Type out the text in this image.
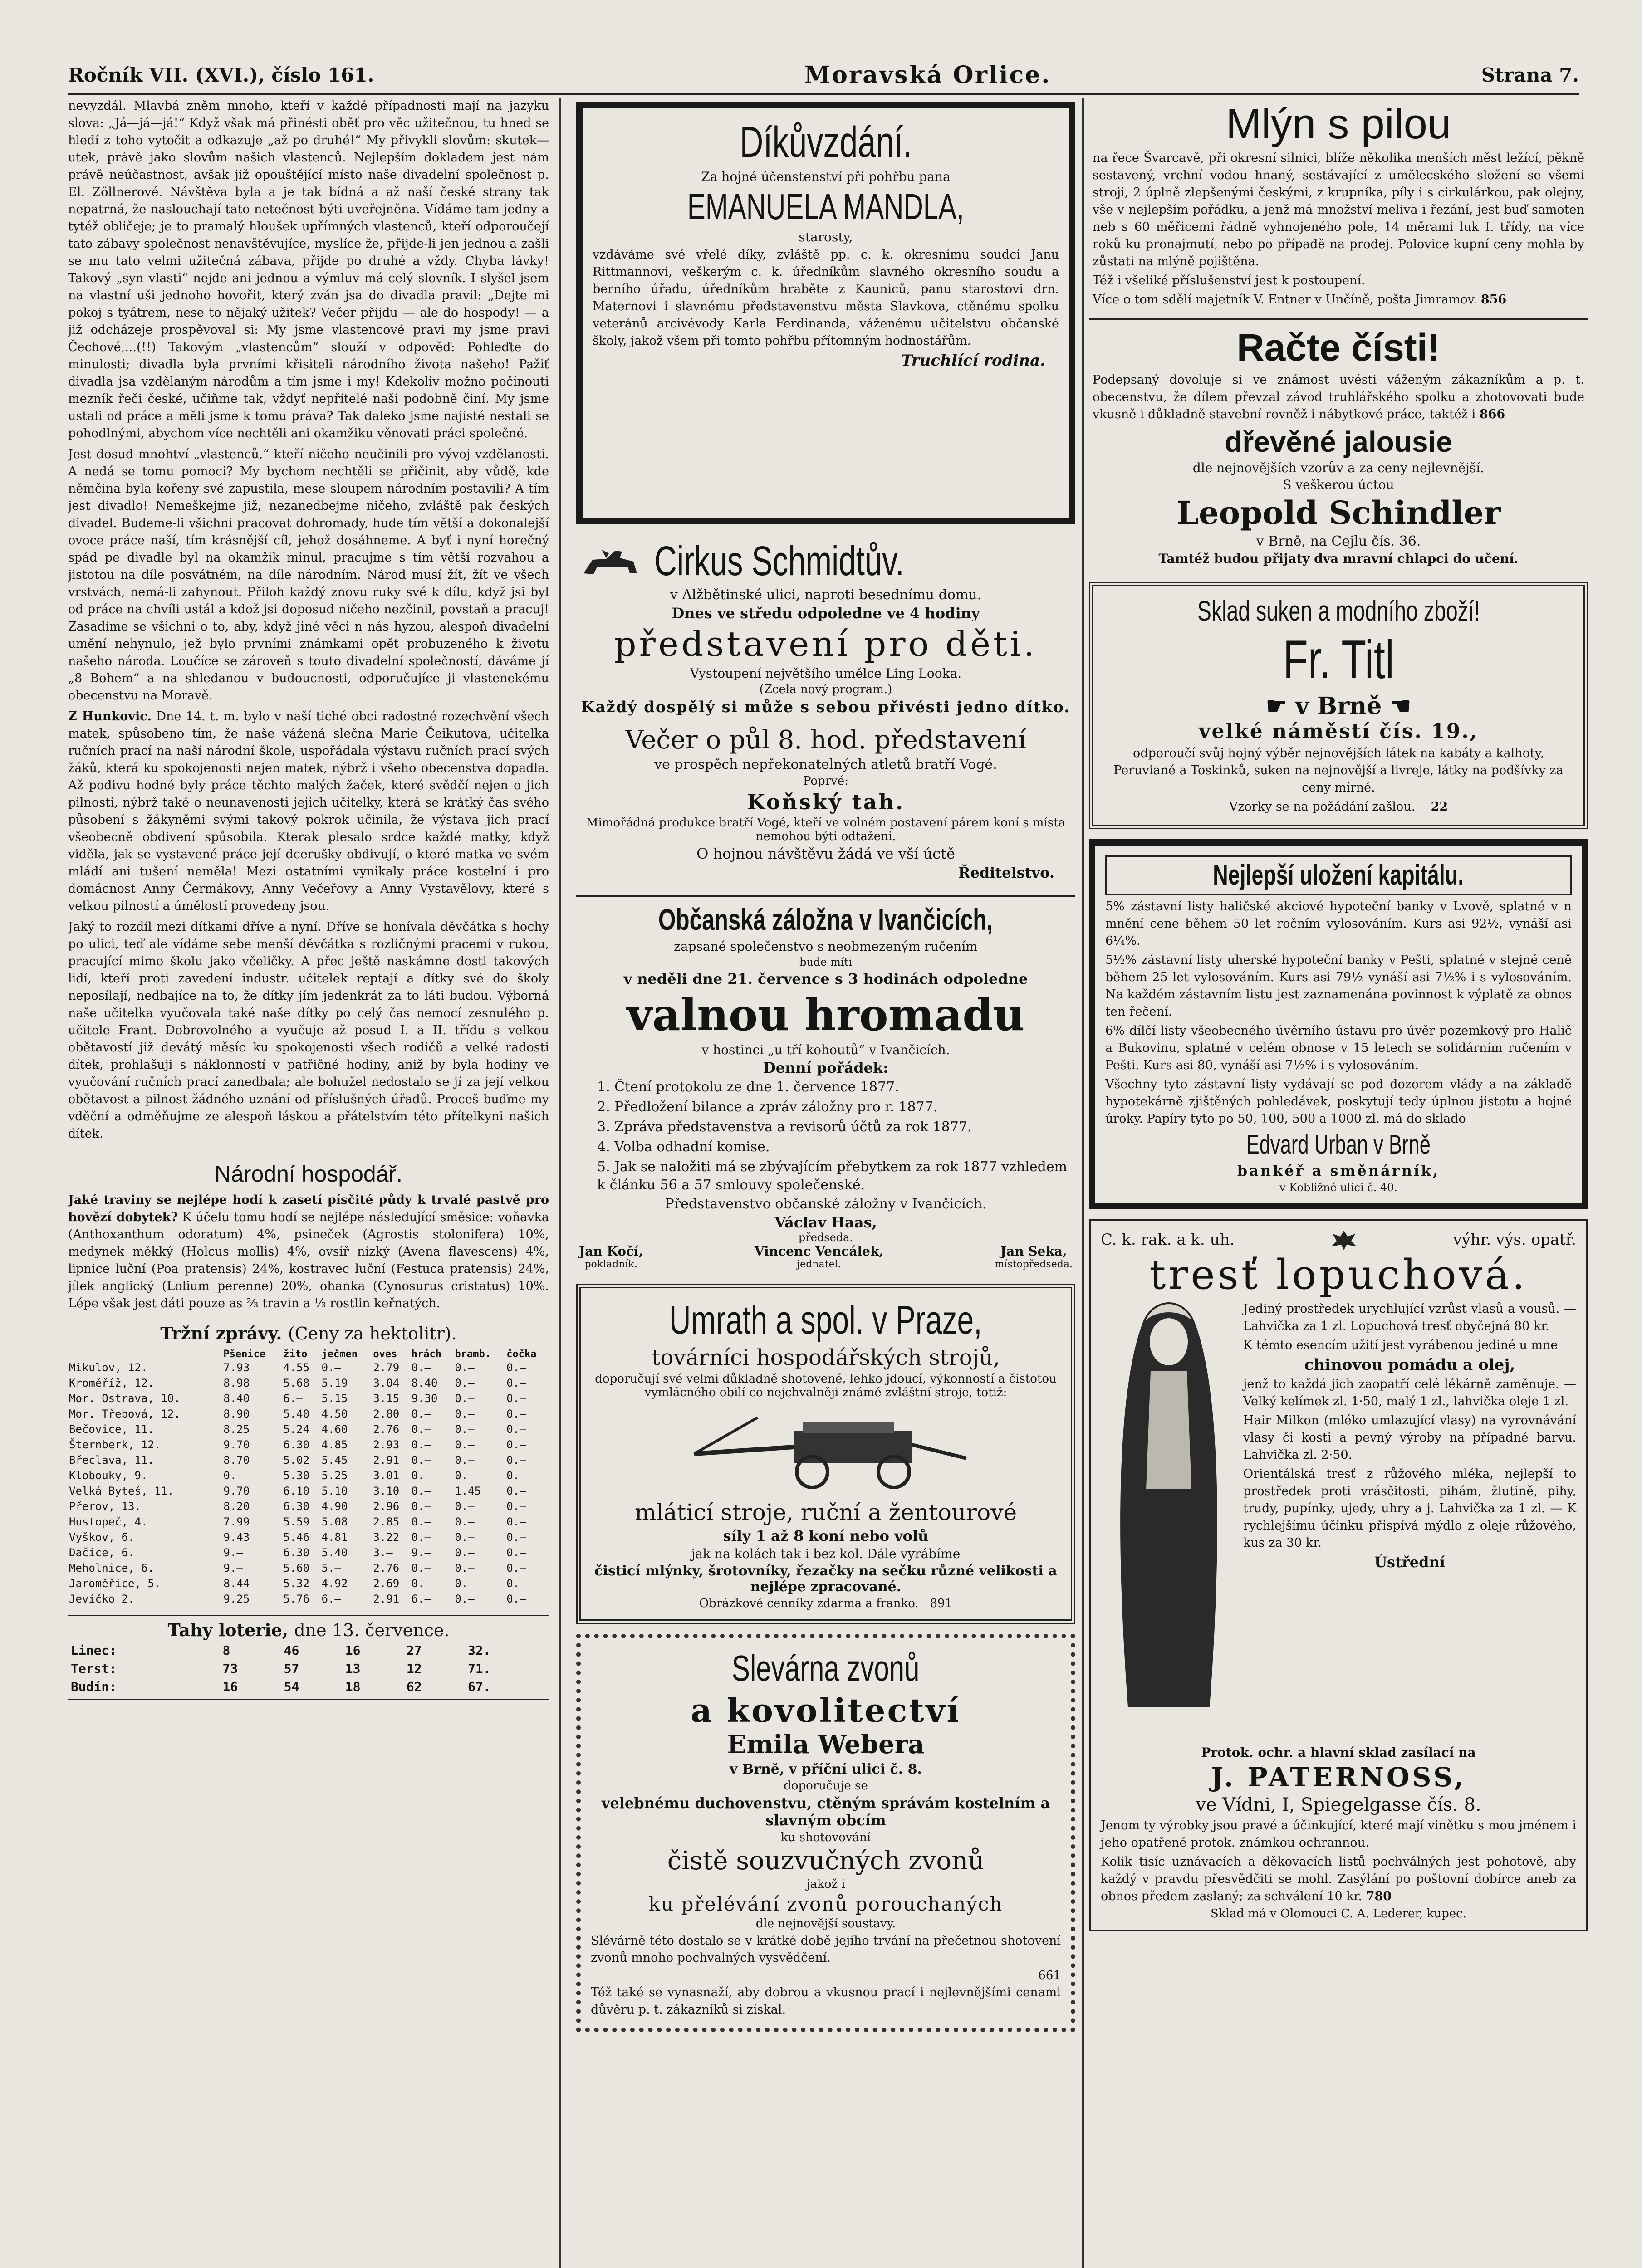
Ročník VII. (XVI.), číslo 161.	Moravská Orlice.	Strana 7.

nevyzdál. Mlavbá zněm mnoho, kteří v každé případnosti mají na jazyku slova: „Já—já—já!“ Když však má přinésti oběť pro věc užitečnou, tu hned se hledí z toho vytočit a odkazuje „až po druhé!“ My přivykli slovům: skutek—utek, právě jako slovům našich vlastenců. Nejlepším dokladem jest nám právě neúčastnost, avšak již opouštějící místo naše divadelní společnost p. El. Zöllnerové. Návštěva byla a je tak bídná a až naší české strany tak nepatrná, že naslouchají tato netečnost býti uveřejněna. Vídáme tam jedny a tytéž obličeje; je to pramalý hloušek upřímných vlastenců, kteří odporoučejí tato zábavy společnost nenavštěvujíce, myslíce že, přijde-li jen jednou a zašli se mu tato velmi užitečná zábava, přijde po druhé a vždy. Chyba lávky! Takový „syn vlasti“ nejde ani jednou a výmluv má celý slovník. I slyšel jsem na vlastní uši jednoho hovořit, který zván jsa do divadla pravil: „Dejte mi pokoj s tyátrem, nese to nějaký užitek? Večer přijdu — ale do hospody! — a již odcházeje prospěvoval si: My jsme vlastencové pravi my jsme pravi Čechové,...(!!) Takovým „vlastencům“ slouží v odpověď: Pohleďte do minulosti; divadla byla prvními křisiteli národního života našeho! Pažiť divadla jsa vzdělaným národům a tím jsme i my! Kdekoliv možno počínouti mezník řeči české, učiňme tak, vždyť nepřítelé naši podobně činí. My jsme ustali od práce a měli jsme k tomu práva? Tak daleko jsme najisté nestali se pohodlnými, abychom více nechtěli ani okamžiku věnovati práci společné.

Jest dosud mnohtví „vlastenců,“ kteří ničeho neučinili pro vývoj vzdělanosti. A nedá se tomu pomoci? My bychom nechtěli se přičinit, aby vůdě, kde němčina byla kořeny své zapustila, mese sloupem národním postavili? A tím jest divadlo! Nemeškejme již, nezanedbejme ničeho, zvláště pak českých divadel. Budeme-li všichni pracovat dohromady, hude tím větší a dokonalejší ovoce práce naší, tím krásnější cíl, jehož dosáhneme. A byť i nyní horečný spád pe divadle byl na okamžik minul, pracujme s tím větší rozvahou a jistotou na díle posvátném, na díle národním. Národ musí žít, žít ve všech vrstvách, nemá-li zahynout. Přiloh každý znovu ruky své k dílu, když jsi byl od práce na chvíli ustál a kdož jsi doposud ničeho nezčinil, povstaň a pracuj! Zasadíme se všichni o to, aby, když jiné věci n nás hyzou, alespoň divadelní umění nehynulo, jež bylo prvními známkami opět probuzeného k životu našeho národa. Loučíce se zároveň s touto divadelní společností, dáváme jí „8 Bohem“ a na shledanou v budoucnosti, odporučujíce ji vlastenekému obecenstvu na Moravě.

Z Hunkovic. Dne 14. t. m. bylo v naší tiché obci radostné rozechvění všech matek, spůsobeno tím, že naše vážená slečna Marie Čeikutova, učitelka ručních prací na naší národní škole, uspořádala výstavu ručních prací svých žáků, která ku spokojenosti nejen matek, nýbrž i všeho obecenstva dopadla. Až podivu hodné byly práce těchto malých žaček, které svědčí nejen o jich pilnosti, nýbrž také o neunavenosti jejich učitelky, která se krátký čas svého působení s žákyněmi svými takový pokrok učinila, že výstava jich prací všeobecně obdivení spůsobila. Kterak plesalo srdce každé matky, když viděla, jak se vystavené práce její dcerušky obdivují, o které matka ve svém mládí ani tušení neměla! Mezi ostatními vynikaly práce kostelní i pro domácnost Anny Čermákovy, Anny Večeřovy a Anny Vystavělovy, které s velkou pilností a úmělostí provedeny jsou.

Jaký to rozdíl mezi dítkami dříve a nyní. Dříve se honívala děvčátka s hochy po ulici, teď ale vídáme sebe menší děvčátka s rozličnými pracemi v rukou, pracující mimo školu jako včeličky. A přec ještě naskámne dosti takových lidí, kteří proti zavedení industr. učitelek reptají a dítky své do školy neposílají, nedbajíce na to, že dítky jím jedenkrát za to láti budou. Výborná naše učitelka vyučovala také naše dítky po celý čas nemocí zesnulého p. učitele Frant. Dobrovolného a vyučuje až posud I. a II. třídu s velkou obětavostí již devátý měsíc ku spokojenosti všech rodičů a velké radosti dítek, prohlašuji s náklonností v patřičné hodiny, aniž by byla hodiny ve vyučování ručních prací zanedbala; ale bohužel nedostalo se jí za její velkou obětavost a pilnost žádného uznání od příslušných úřadů. Proceš buďme my vděční a odměňujme ze alespoň láskou a přátelstvím této přítelkyni našich dítek.

Národní hospodář.

Jaké traviny se nejlépe hodí k zasetí písčité půdy k trvalé pastvě pro hovězí dobytek? K účelu tomu hodí se nejlépe následující směsice: voňavka (Anthoxanthum odoratum) 4%, psineček (Agrostis stolonifera) 10%, medynek měkký (Holcus mollis) 4%, ovsíř nízký (Avena flavescens) 4%, lipnice luční (Poa pratensis) 24%, kostravec luční (Festuca pratensis) 24%, jílek anglický (Lolium perenne) 20%, ohanka (Cynosurus cristatus) 10%. Lépe však jest dáti pouze as ⅔ travin a ⅓ rostlin keřnatých.

Tržní zprávy. (Ceny za hektolitr).
	Pšenice	žito	ječmen	oves	hrách	bramb.	čočka
Mikulov, 12.	7.93	4.55	0.—	2.79	0.—	0.—	0.—
Kroměříž, 12.	8.98	5.68	5.19	3.04	8.40	0.—	0.—
Mor. Ostrava, 10.	8.40	6.—	5.15	3.15	9.30	0.—	0.—
Mor. Třebová, 12.	8.90	5.40	4.50	2.80	0.—	0.—	0.—
Bečovice, 11.	8.25	5.24	4.60	2.76	0.—	0.—	0.—
Šternberk, 12.	9.70	6.30	4.85	2.93	0.—	0.—	0.—
Břeclava, 11.	8.70	5.02	5.45	2.91	0.—	0.—	0.—
Klobouky, 9.	0.—	5.30	5.25	3.01	0.—	0.—	0.—
Velká Byteš, 11.	9.70	6.10	5.10	3.10	0.—	1.45	0.—
Přerov, 13.	8.20	6.30	4.90	2.96	0.—	0.—	0.—
Hustopeč, 4.	7.99	5.59	5.08	2.85	0.—	0.—	0.—
Vyškov, 6.	9.43	5.46	4.81	3.22	0.—	0.—	0.—
Dačice, 6.	9.—	6.30	5.40	3.—	9.—	0.—	0.—
Meholnice, 6.	9.—	5.60	5.—	2.76	0.—	0.—	0.—
Jaroměřice, 5.	8.44	5.32	4.92	2.69	0.—	0.—	0.—
Jevíčko 2.	9.25	5.76	6.—	2.91	6.—	0.—	0.—
Tahy loterie, dne 13. července.
Linec:	8	46	16	27	32.
Terst:	73	57	13	12	71.
Budín:	16	54	18	62	67.
Díkůvzdání.

Za hojné účenstenství při pohřbu pana

EMANUELA MANDLA,

starosty,

vzdáváme své vřelé díky, zvláště pp. c. k. okresnímu soudci Janu Rittmannovi, veškerým c. k. úředníkům slavného okresního soudu a berního úřadu, úředníkům hraběte z Kauniců, panu starostovi drn. Maternovi i slavnému představenstvu města Slavkova, ctěnému spolku veteránů arcivévody Karla Ferdinanda, váženému učitelstvu občanské školy, jakož všem při tomto pohřbu přítomným hodnostářům.

Truchlící rodina.

Cirkus Schmidtův.

v Alžbětinské ulici, naproti besednímu domu.

Dnes ve středu odpoledne ve 4 hodiny

představení pro děti.

Vystoupení největšího umělce Ling Looka.

(Zcela nový program.)

Každý dospělý si může s sebou přivésti jedno dítko.

Večer o půl 8. hod. představení

ve prospěch nepřekonatelných atletů bratří Vogé.

Poprvé:

Koňský tah.

Mimořádná produkce bratří Vogé, kteří ve volném postavení párem koní s místa nemohou býti odtaženi.

O hojnou návštěvu žádá ve vší úctě

Ředitelstvo.

Občanská záložna v Ivančicích,

zapsané společenstvo s neobmezeným ručením

bude míti

v neděli dne 21. července s 3 hodinách odpoledne

valnou hromadu

v hostinci „u tří kohoutů“ v Ivančicích.

Denní pořádek:

1. Čtení protokolu ze dne 1. července 1877.

2. Předložení bilance a zpráv záložny pro r. 1877.

3. Zpráva představenstva a revisorů účtů za rok 1877.

4. Volba odhadní komise.

5. Jak se naložiti má se zbývajícím přebytkem za rok 1877 vzhledem k článku 56 a 57 smlouvy společenské.

Představenstvo občanské záložny v Ivančicích.

Václav Haas,

předseda.

Jan Kočí,
pokladník.
Vincenc Vencálek,
jednatel.
Jan Seka,
místopředseda.
Umrath a spol. v Praze,

továrníci hospodářských strojů,

doporučují své velmi důkladně shotovené, lehko jdoucí, výkonností a čistotou vymlácného obilí co nejchvalněji známé zvláštní stroje, totiž:

mláticí stroje, ruční a žentourové

síly 1 až 8 koní nebo volů

jak na kolách tak i bez kol. Dále vyrábíme

čisticí mlýnky, šrotovníky, řezačky na sečku různé velikosti a nejlépe zpracované.

Obrázkové cenníky zdarma a franko. 891

Slevárna zvonů
a kovolitectví
Emila Webera

v Brně, v příční ulici č. 8.

doporučuje se

velebnému duchovenstvu, ctěným správám kostelním a slavným obcím

ku shotovování

čistě souzvučných zvonů

jakož i

ku přelévání zvonů porouchaných

dle nejnovější soustavy.

Slévárně této dostalo se v krátké době jejího trvání na přečetnou shotovení zvonů mnoho pochvalných vysvědčení.

661

Též také se vynasnaží, aby dobrou a vkusnou prací i nejlevnějšími cenami důvěru p. t. zákazníků si získal.

Mlýn s pilou

na řece Švarcavě, při okresní silnici, blíže několika menších měst ležící, pěkně sestavený, vrchní vodou hnaný, sestávající z umělecského složení se všemi stroji, 2 úplně zlepšenými českými, z krupníka, píly i s cirkulárkou, pak olejny, vše v nejlepším pořádku, a jenž má množství meliva i řezání, jest buď samoten neb s 60 měřicemi řádně vyhnojeného pole, 14 měrami luk I. třídy, na více roků ku pronajmutí, nebo po případě na prodej. Polovice kupní ceny mohla by zůstati na mlýně pojištěna.

Též i všeliké příslušenství jest k postoupení.

Více o tom sdělí majetník V. Entner v Unčíně, pošta Jimramov. 856

Račte čísti!

Podepsaný dovoluje si ve známost uvésti váženým zákazníkům a p. t. obecenstvu, že dílem převzal závod truhlářského spolku a zhotovovati bude vkusně i důkladně stavební rovněž i nábytkové práce, taktéž i 866

dřevěné jalousie

dle nejnovějších vzorův a za ceny nejlevnější.

S veškerou úctou

Leopold Schindler

v Brně, na Cejlu čís. 36.

Tamtéž budou přijaty dva mravní chlapci do učení.

Sklad suken a modního zboží!
Fr. Titl
☛ v Brně ☚
velké náměstí čís. 19.,

odporoučí svůj hojný výběr nejnovějších látek na kabáty a kalhoty, Peruviané a Toskinků, suken na nejnovější a livreje, látky na podšívky za ceny mírné.

Vzorky se na požádání zašlou. 22

Nejlepší uložení kapitálu.

5% zástavní listy haličské akciové hypoteční banky v Lvově, splatné v n mnění cene během 50 let ročním vylosováním. Kurs asi 92½, vynáší asi 6¼%.

5½% zástavní listy uherské hypoteční banky v Pešti, splatné v stejné ceně během 25 let vylosováním. Kurs asi 79½ vynáší asi 7½% i s vylosováním. Na každém zástavním listu jest zaznamenána povinnost k výplatě za obnos ten řečení.

6% dílčí listy všeobecného úvěrního ústavu pro úvěr pozemkový pro Halič a Bukovinu, splatné v celém obnose v 15 letech se solidárním ručením v Pešti. Kurs asi 80, vynáší asi 7½% i s vylosováním.

Všechny tyto zástavní listy vydávají se pod dozorem vlády a na základě hypotekárně zjištěných pohledávek, poskytují tedy úplnou jistotu a hojné úroky. Papíry tyto po 50, 100, 500 a 1000 zl. má do sklado

Edvard Urban v Brně

bankéř a směnárník,

v Kobližné ulici č. 40.

C. k. rak. a k. uh.	výhr. výs. opatř.
tresť lopuchová.

Jediný prostředek urychlující vzrůst vlasů a vousů. — Lahvička za 1 zl. Lopuchová tresť obyčejná 80 kr.

K témto esencím užití jest vyrábenou jediné u mne

chinovou pomádu a olej,

jenž to každá jich zaopatří celé lékárně zaměnuje. — Velký kelímek zl. 1·50, malý 1 zl., lahvička oleje 1 zl.

Hair Milkon (mléko umlazující vlasy) na vyrovnávání vlasy či kosti a pevný výroby na případné barvu. Lahvička zl. 2·50.

Orientálská tresť z růžového mléka, nejlepší to prostředek proti vrásčitosti, pihám, žlutině, pihy, trudy, pupínky, ujedy, uhry a j. Lahvička za 1 zl. — K rychlejšímu účinku přispívá mýdlo z oleje růžového, kus za 30 kr.

Ústřední

Protok. ochr. a hlavní sklad zasílací na

J. PATERNOSS,

ve Vídni, I, Spiegelgasse čís. 8.

Jenom ty výrobky jsou pravé a účinkující, které mají vinětku s mou jménem i jeho opatřené protok. známkou ochrannou.

Kolik tisíc uznávacích a děkovacích listů pochválných jest pohotově, aby každý v pravdu přesvědčiti se mohl. Zasýlání po poštovní dobírce aneb za obnos předem zaslaný; za schválení 10 kr. 780

Sklad má v Olomouci C. A. Lederer, kupec.
